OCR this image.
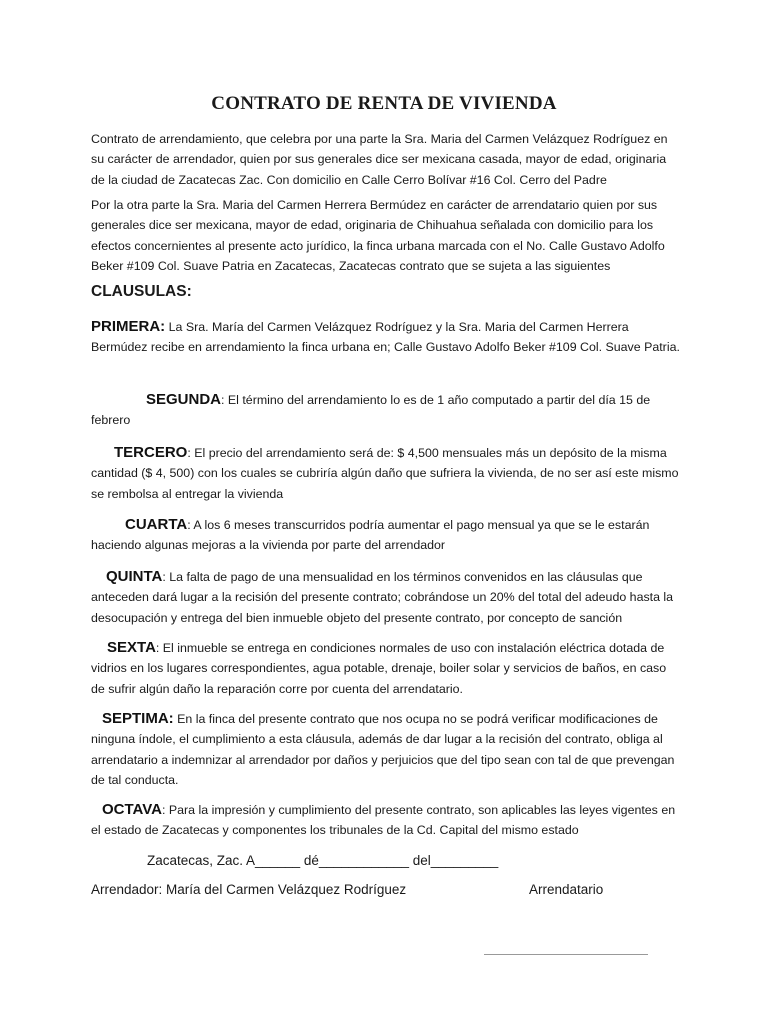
CONTRATO DE RENTA DE VIVIENDA

Contrato de arrendamiento, que celebra por una parte la Sra. Maria del Carmen Velázquez Rodríguez en su carácter de arrendador, quien por sus generales dice ser mexicana casada, mayor de edad, originaria de la ciudad de Zacatecas Zac. Con domicilio en Calle Cerro Bolívar #16 Col. Cerro del Padre

Por la otra parte la Sra. Maria del Carmen Herrera Bermúdez en carácter de arrendatario quien por sus generales dice ser mexicana, mayor de edad, originaria de Chihuahua señalada con domicilio para los efectos concernientes al presente acto jurídico, la finca urbana marcada con el No. Calle Gustavo Adolfo Beker #109 Col. Suave Patria en Zacatecas, Zacatecas contrato que se sujeta a las siguientes

CLAUSULAS:

PRIMERA: La Sra. María del Carmen Velázquez Rodríguez y la Sra. Maria del Carmen Herrera Bermúdez recibe en arrendamiento la finca urbana en; Calle Gustavo Adolfo Beker #109 Col. Suave Patria.

SEGUNDA: El término del arrendamiento lo es de 1 año computado a partir del día 15 de febrero

TERCERO: El precio del arrendamiento será de: $ 4,500 mensuales más un depósito de la misma cantidad ($ 4, 500) con los cuales se cubriría algún daño que sufriera la vivienda, de no ser así este mismo se rembolsa al entregar la vivienda

CUARTA: A los 6 meses transcurridos podría aumentar el pago mensual ya que se le estarán haciendo algunas mejoras a la vivienda por parte del arrendador

QUINTA: La falta de pago de una mensualidad en los términos convenidos en las cláusulas que anteceden dará lugar a la recisión del presente contrato; cobrándose un 20% del total del adeudo hasta la desocupación y entrega del bien inmueble objeto del presente contrato, por concepto de sanción

SEXTA: El inmueble se entrega en condiciones normales de uso con instalación eléctrica dotada de vidrios en los lugares correspondientes, agua potable, drenaje, boiler solar y servicios de baños, en caso de sufrir algún daño la reparación corre por cuenta del arrendatario.

SEPTIMA: En la finca del presente contrato que nos ocupa no se podrá verificar modificaciones de ninguna índole, el cumplimiento a esta cláusula, además de dar lugar a la recisión del contrato, obliga al arrendatario a indemnizar al arrendador por daños y perjuicios que del tipo sean con tal de que prevengan de tal conducta.

OCTAVA: Para la impresión y cumplimiento del presente contrato, son aplicables las leyes vigentes en el estado de Zacatecas y componentes los tribunales de la Cd. Capital del mismo estado

Zacatecas, Zac. A______ dé____________ del_________
Arrendador: María del Carmen Velázquez Rodríguez	Arrendatario
